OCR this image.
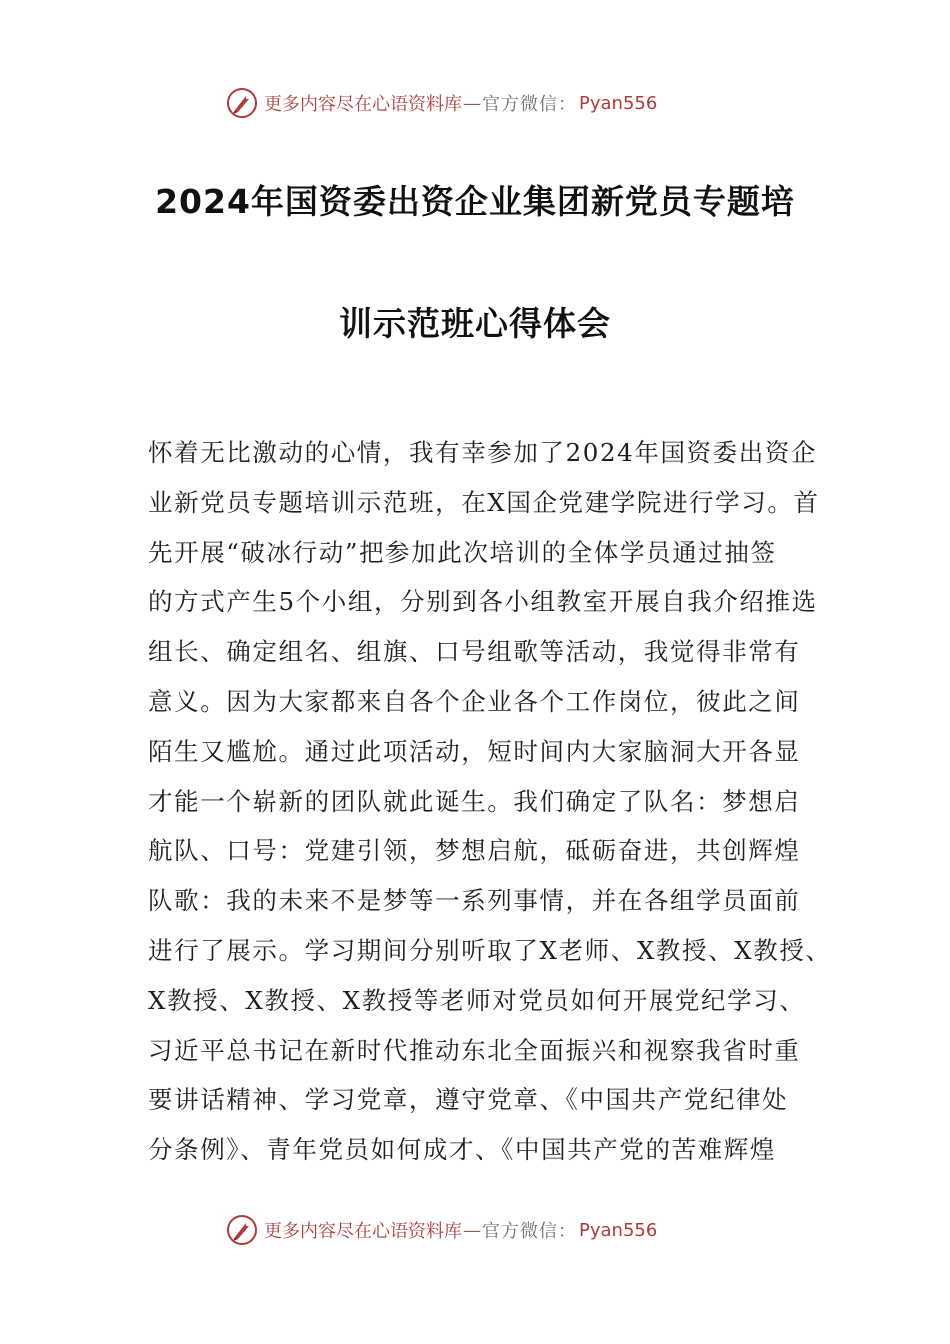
更多内容尽在心语资料库 — 官方微信： Pyan556
2024年国资委出资企业集团新党员专题培
训示范班心得体会
怀着无比激动的心情，我有幸参加了2024年国资委出资企
业新党员专题培训示范班，在X国企党建学院进行学习。首
先开展“破冰行动”把参加此次培训的全体学员通过抽签
的方式产生5个小组，分别到各小组教室开展自我介绍推选
组长、确定组名、组旗、口号组歌等活动，我觉得非常有
意义。因为大家都来自各个企业各个工作岗位，彼此之间
陌生又尴尬。通过此项活动，短时间内大家脑洞大开各显
才能一个崭新的团队就此诞生。我们确定了队名：梦想启
航队、口号：党建引领，梦想启航，砥砺奋进，共创辉煌
队歌：我的未来不是梦等一系列事情，并在各组学员面前
进行了展示。学习期间分别听取了X老师、X教授、X教授、
X教授、X教授、X教授等老师对党员如何开展党纪学习、
习近平总书记在新时代推动东北全面振兴和视察我省时重
要讲话精神、学习党章，遵守党章、《中国共产党纪律处
分条例》、青年党员如何成才、《中国共产党的苦难辉煌
更多内容尽在心语资料库 — 官方微信： Pyan556
